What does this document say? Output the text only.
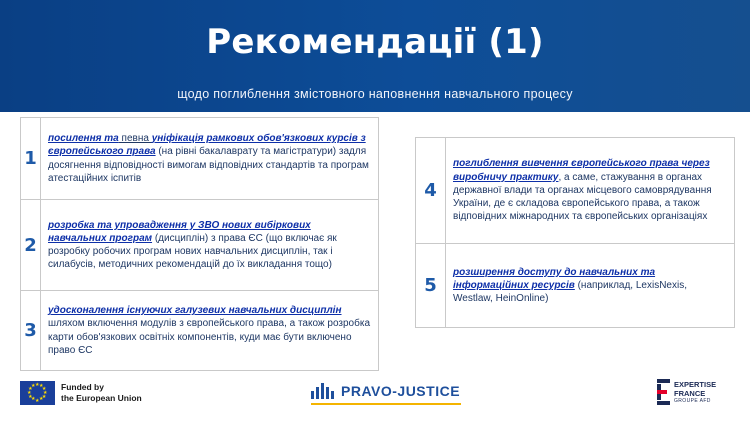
Рекомендації (1)
щодо поглиблення змістовного наповнення навчального процесу
1	посилення та певна уніфікація рамкових обов'язкових курсів з європейського права (на рівні бакалаврату та магістратури) задля досягнення відповідності вимогам відповідних стандартів та програм атестаційних іспитів
2	розробка та упровадження у ЗВО нових вибіркових навчальних програм (дисциплін) з права ЄС (що включає як розробку робочих програм нових навчальних дисциплін, так і силабусів, методичних рекомендацій до їх викладання тощо)
3	удосконалення існуючих галузевих навчальних дисциплін шляхом включення модулів з європейського права, а також розробка карти обов'язкових освітніх компонентів, куди має бути включено право ЄС
4	поглиблення вивчення європейського права через виробничу практику, а саме, стажування в органах державної влади та органах місцевого самоврядування України, де є складова європейського права, а також відповідних міжнародних та європейських організаціях
5	розширення доступу до навчальних та інформаційних ресурсів (наприклад, LexisNexis, Westlaw, HeinOnline)
★ ★
★
★
★
★
★
★
★
★
★
★	Funded by
the European Union	PRAVO-JUSTICE	EXPERTISE
FRANCE
GROUPE AFD
